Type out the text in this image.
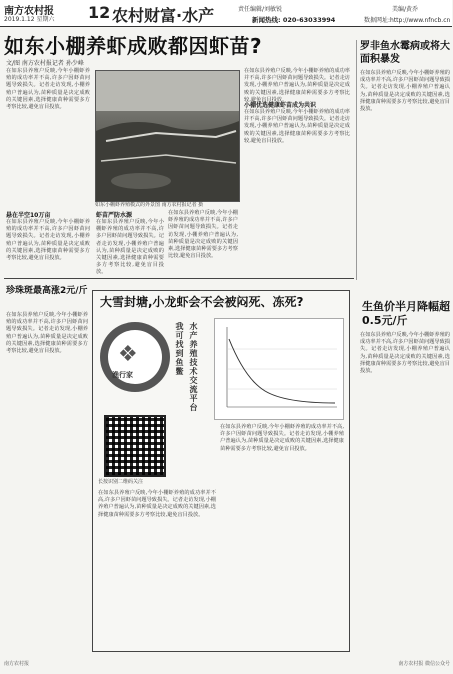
南方农村报
2019.1.12 星期六 12 农村财富·水产	责任编辑/刘敏锐
新闻热线: 020-63033994
美编/黄乔
数据网址:http://www.nfncb.cn
如东小棚养虾成败都因虾苗?
文/图 南方农村报记者 孙少峰
在如东县养殖户反映,今年小棚虾养殖的成功率并不高,许多户因虾苗问题导致损失。记者走访发现,小棚养殖户普遍认为,苗种质量是决定成败的关键因素,选择健康苗种需要多方考察比较,避免盲目投放。
悬在半空10万亩
在如东县养殖户反映,今年小棚虾养殖的成功率并不高,许多户因虾苗问题导致损失。记者走访发现,小棚养殖户普遍认为,苗种质量是决定成败的关键因素,选择健康苗种需要多方考察比较,避免盲目投放。
如东小棚虾养殖模式的外景图 南方农村报记者 摄
虾苗严防水源
在如东县养殖户反映,今年小棚虾养殖的成功率并不高,许多户因虾苗问题导致损失。记者走访发现,小棚养殖户普遍认为,苗种质量是决定成败的关键因素,选择健康苗种需要多方考察比较,避免盲目投放。
在如东县养殖户反映,今年小棚虾养殖的成功率并不高,许多户因虾苗问题导致损失。记者走访发现,小棚养殖户普遍认为,苗种质量是决定成败的关键因素,选择健康苗种需要多方考察比较,避免盲目投放。
在如东县养殖户反映,今年小棚虾养殖的成功率并不高,许多户因虾苗问题导致损失。记者走访发现,小棚养殖户普遍认为,苗种质量是决定成败的关键因素,选择健康苗种需要多方考察比较,避免盲目投放。
小棚优选健康虾苗成为共识
在如东县养殖户反映,今年小棚虾养殖的成功率并不高,许多户因虾苗问题导致损失。记者走访发现,小棚养殖户普遍认为,苗种质量是决定成败的关键因素,选择健康苗种需要多方考察比较,避免盲目投放。
罗非鱼水霉病或将大面积暴发
在如东县养殖户反映,今年小棚虾养殖的成功率并不高,许多户因虾苗问题导致损失。记者走访发现,小棚养殖户普遍认为,苗种质量是决定成败的关键因素,选择健康苗种需要多方考察比较,避免盲目投放。
生鱼价半月降幅超0.5元/斤
在如东县养殖户反映,今年小棚虾养殖的成功率并不高,许多户因虾苗问题导致损失。记者走访发现,小棚养殖户普遍认为,苗种质量是决定成败的关键因素,选择健康苗种需要多方考察比较,避免盲目投放。
珍珠斑最高涨2元/斤
在如东县养殖户反映,今年小棚虾养殖的成功率并不高,许多户因虾苗问题导致损失。记者走访发现,小棚养殖户普遍认为,苗种质量是决定成败的关键因素,选择健康苗种需要多方考察比较,避免盲目投放。
大雪封塘,小龙虾会不会被闷死、冻死?
❖
渔行家	我可找到鱼鳖 水产养殖技术交流平台
长按识别二维码关注
在如东县养殖户反映,今年小棚虾养殖的成功率并不高,许多户因虾苗问题导致损失。记者走访发现,小棚养殖户普遍认为,苗种质量是决定成败的关键因素,选择健康苗种需要多方考察比较,避免盲目投放。
在如东县养殖户反映,今年小棚虾养殖的成功率并不高,许多户因虾苗问题导致损失。记者走访发现,小棚养殖户普遍认为,苗种质量是决定成败的关键因素,选择健康苗种需要多方考察比较,避免盲目投放。
南方农村报	南方农村报 微信公众号
